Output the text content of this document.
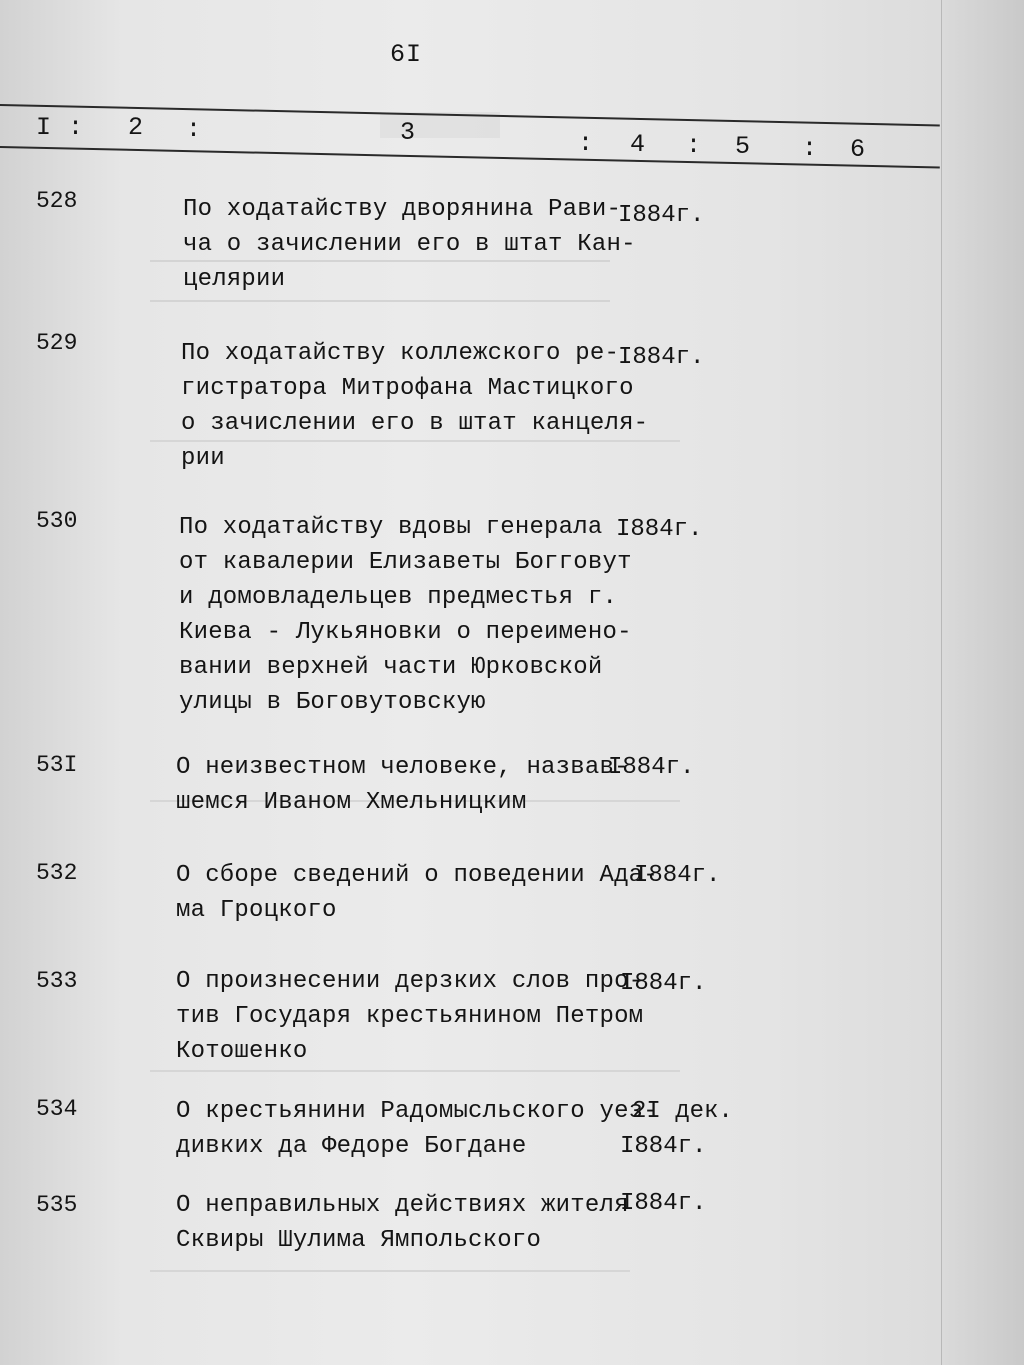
6I
I : 2 :	3	: 4 : 5 : 6
528	По ходатайству дворянина Рави-
ча о зачислении его в штат Кан-
целярии
I884г.
529	По ходатайству коллежского ре-
гистратора Митрофана Мастицкого
о зачислении его в штат канцеля-
рии
I884г.
530	По ходатайству вдовы генерала
от кавалерии Елизаветы Богговут
и домовладельцев предместья г.
Киева - Лукьяновки о переимено-
вании верхней части Юрковской
улицы в Боговутовскую
I884г.
53I	О неизвестном человеке, назвав-
шемся Иваном Хмельницким
I884г.
532	О сборе сведений о поведении Ада-
ма Гроцкого
I884г.
533	О произнесении дерзких слов про-
тив Государя крестьянином Петром
Котошенко
I884г.
534	О крестьянини Радомысльского уез-
дивких да Федоре Богдане
2I дек.
I884г.
535	О неправильных действиях жителя
Сквиры Шулима Ямпольского
I884г.
